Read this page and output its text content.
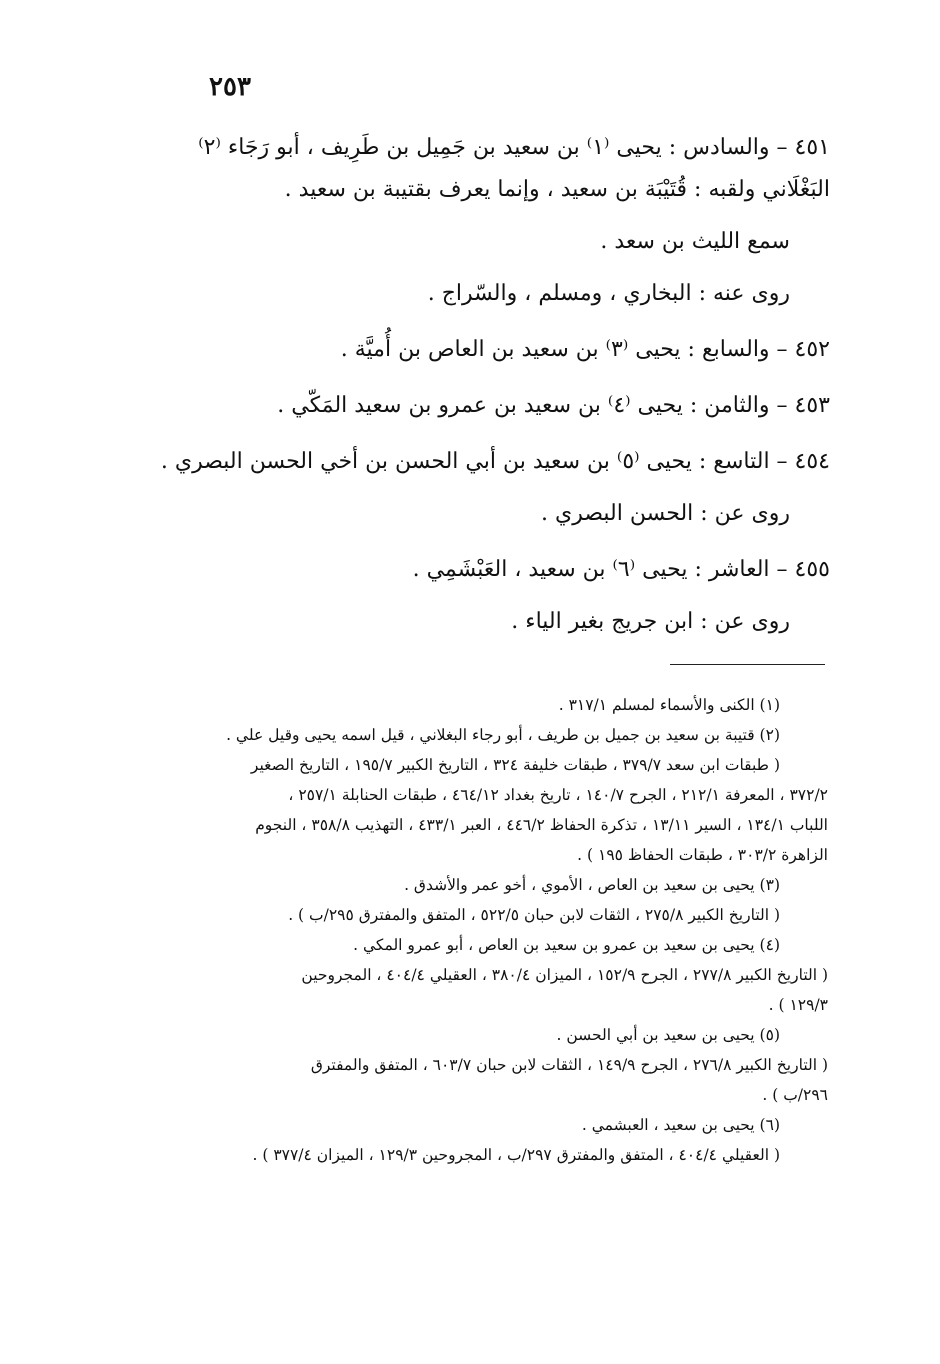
٢٥٣
٤٥١ – والسادس : يحيى ⁽١⁾ بن سعيد بن جَمِيل بن طَرِيف ، أبو رَجَاء ⁽٢⁾
البَغْلَاني ولقبه : قُتَيْبَة بن سعيد ، وإنما يعرف بقتيبة بن سعيد .
سمع الليث بن سعد .
روى عنه : البخاري ، ومسلم ، والسّراج .
٤٥٢ – والسابع : يحيى ⁽٣⁾ بن سعيد بن العاص بن أُميَّة .
٤٥٣ – والثامن : يحيى ⁽٤⁾ بن سعيد بن عمرو بن سعيد المَكّي .
٤٥٤ – التاسع : يحيى ⁽٥⁾ بن سعيد بن أبي الحسن بن أخي الحسن البصري .
روى عن : الحسن البصري .
٤٥٥ – العاشر : يحيى ⁽٦⁾ بن سعيد ، العَبْشَمِي .
روى عن : ابن جريج بغير الياء .
(١) الكنى والأسماء لمسلم ٣١٧/١ .
(٢) قتيبة بن سعيد بن جميل بن طريف ، أبو رجاء البغلاني ، قيل اسمه يحيى وقيل علي .
( طبقات ابن سعد ٣٧٩/٧ ، طبقات خليفة ٣٢٤ ، التاريخ الكبير ١٩٥/٧ ، التاريخ الصغير
٣٧٢/٢ ، المعرفة ٢١٢/١ ، الجرح ١٤٠/٧ ، تاريخ بغداد ٤٦٤/١٢ ، طبقات الحنابلة ٢٥٧/١ ،
اللباب ١٣٤/١ ، السير ١٣/١١ ، تذكرة الحفاظ ٤٤٦/٢ ، العبر ٤٣٣/١ ، التهذيب ٣٥٨/٨ ، النجوم
الزاهرة ٣٠٣/٢ ، طبقات الحفاظ ١٩٥ ) .
(٣) يحيى بن سعيد بن العاص ، الأموي ، أخو عمر والأشدق .
( التاريخ الكبير ٢٧٥/٨ ، الثقات لابن حبان ٥٢٢/٥ ، المتفق والمفترق ٢٩٥/ب ) .
(٤) يحيى بن سعيد بن عمرو بن سعيد بن العاص ، أبو عمرو المكي .
( التاريخ الكبير ٢٧٧/٨ ، الجرح ١٥٢/٩ ، الميزان ٣٨٠/٤ ، العقيلي ٤٠٤/٤ ، المجروحين
١٢٩/٣ ) .
(٥) يحيى بن سعيد بن أبي الحسن .
( التاريخ الكبير ٢٧٦/٨ ، الجرح ١٤٩/٩ ، الثقات لابن حبان ٦٠٣/٧ ، المتفق والمفترق
٢٩٦/ب ) .
(٦) يحيى بن سعيد ، العبشمي .
( العقيلي ٤٠٤/٤ ، المتفق والمفترق ٢٩٧/ب ، المجروحين ١٢٩/٣ ، الميزان ٣٧٧/٤ ) .
